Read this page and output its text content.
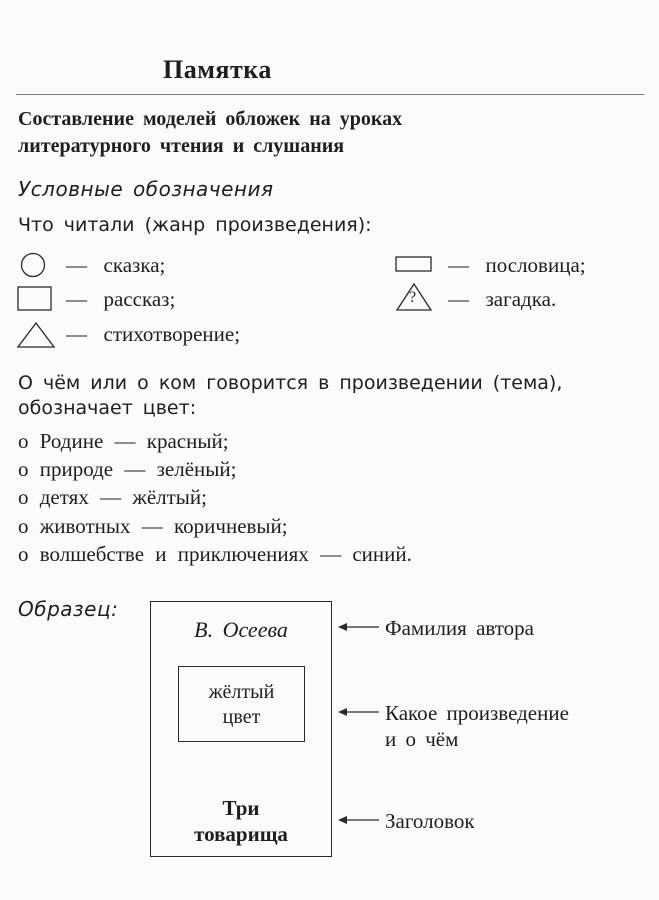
Памятка
Составление моделей обложек на уроках
литературного чтения и слушания
Условные обозначения
Что читали (жанр произведения):
— сказка;
— рассказ;
— стихотворение;
— пословица;
? — загадка.
О чём или о ком говорится в произведении (тема),
обозначает цвет:
о Родине — красный;
о природе — зелёный;
о детях — жёлтый;
о животных — коричневый;
о волшебстве и приключениях — синий.
Образец:
В. Осеева
жёлтый
цвет
Три
товарища
Фамилия автора
Какое произведение
и о чём
Заголовок
